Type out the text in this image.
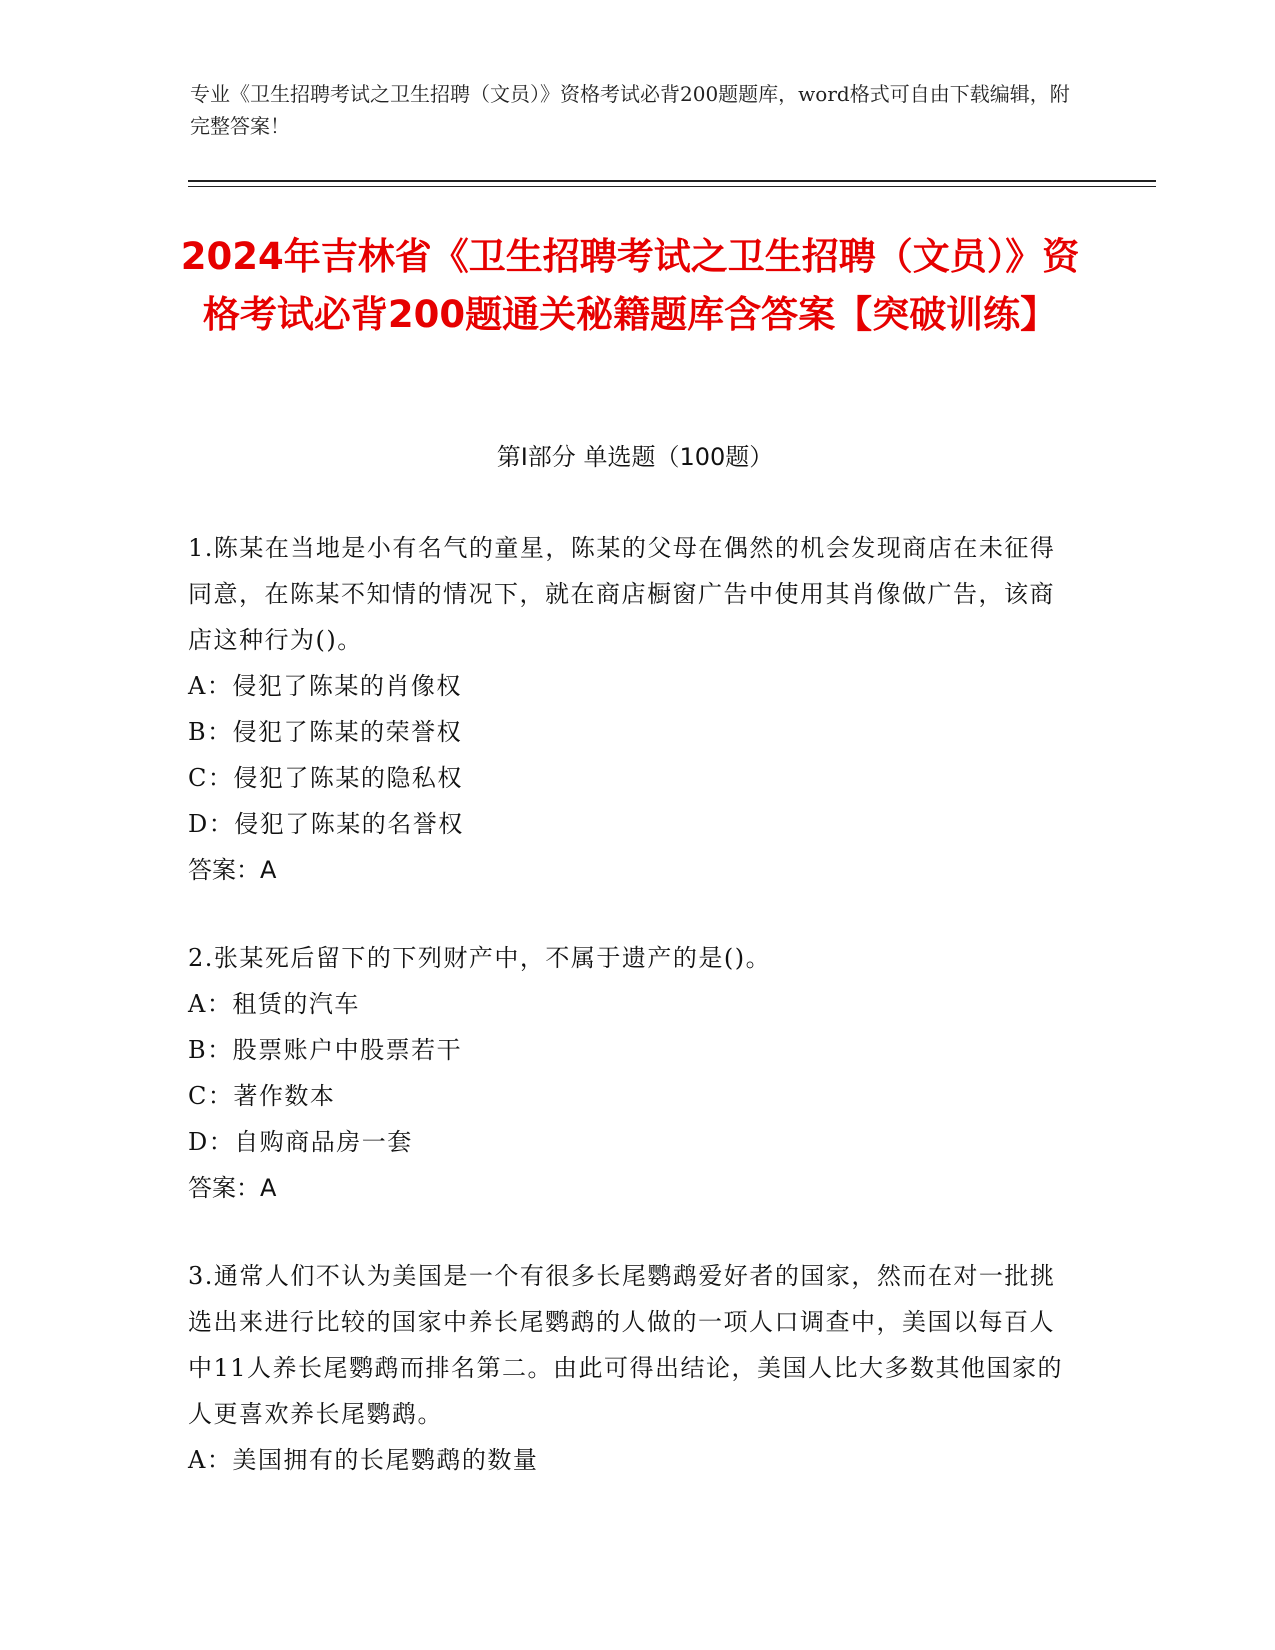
专业《卫生招聘考试之卫生招聘（文员）》资格考试必背200题题库，word格式可自由下载编辑，附完整答案！
2024年吉林省《卫生招聘考试之卫生招聘（文员）》资格考试必背200题通关秘籍题库含答案【突破训练】
第Ⅰ部分 单选题（100题）
1.陈某在当地是小有名气的童星，陈某的父母在偶然的机会发现商店在未征得同意，在陈某不知情的情况下，就在商店橱窗广告中使用其肖像做广告，该商店这种行为()。
A：侵犯了陈某的肖像权
B：侵犯了陈某的荣誉权
C：侵犯了陈某的隐私权
D：侵犯了陈某的名誉权
答案：A
2.张某死后留下的下列财产中，不属于遗产的是()。
A：租赁的汽车
B：股票账户中股票若干
C：著作数本
D：自购商品房一套
答案：A
3.通常人们不认为美国是一个有很多长尾鹦鹉爱好者的国家，然而在对一批挑选出来进行比较的国家中养长尾鹦鹉的人做的一项人口调查中，美国以每百人中11人养长尾鹦鹉而排名第二。由此可得出结论，美国人比大多数其他国家的人更喜欢养长尾鹦鹉。
A：美国拥有的长尾鹦鹉的数量
